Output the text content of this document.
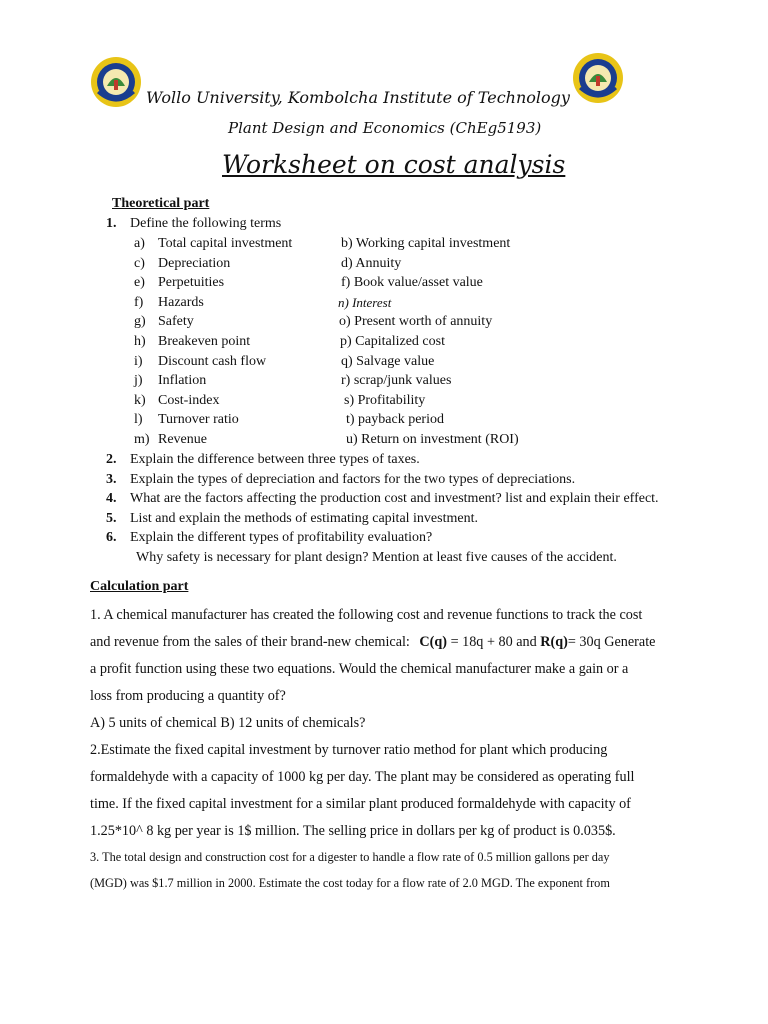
Wollo University, Kombolcha Institute of Technology
Plant Design and Economics (ChEg5193)
Worksheet on cost analysis
Theoretical part
1. Define the following terms
a) Total capital investment
c) Depreciation
e) Perpetuities
f) Hazards
g) Safety
h) Breakeven point
i) Discount cash flow
j) Inflation
k) Cost-index
l) Turnover ratio
m) Revenue
b) Working capital investment
d) Annuity
f) Book value/asset value
n) Interest
o) Present worth of annuity
p) Capitalized cost
q) Salvage value
r) scrap/junk values
s) Profitability
t) payback period
u) Return on investment (ROI)
2. Explain the difference between three types of taxes.
3. Explain the types of depreciation and factors for the two types of depreciations.
4. What are the factors affecting the production cost and investment? list and explain their effect.
5. List and explain the methods of estimating capital investment.
6. Explain the different types of profitability evaluation?
Why safety is necessary for plant design? Mention at least five causes of the accident.
Calculation part
1. A chemical manufacturer has created the following cost and revenue functions to track the cost
and revenue from the sales of their brand-new chemical: C(q) = 18q + 80 and R(q)= 30q Generate
a profit function using these two equations. Would the chemical manufacturer make a gain or a
loss from producing a quantity of?
A) 5 units of chemical B) 12 units of chemicals?
2.Estimate the fixed capital investment by turnover ratio method for plant which producing
formaldehyde with a capacity of 1000 kg per day. The plant may be considered as operating full
time. If the fixed capital investment for a similar plant produced formaldehyde with capacity of
1.25*10^ 8 kg per year is 1$ million. The selling price in dollars per kg of product is 0.035$.
3. The total design and construction cost for a digester to handle a flow rate of 0.5 million gallons per day
(MGD) was $1.7 million in 2000. Estimate the cost today for a flow rate of 2.0 MGD. The exponent from
